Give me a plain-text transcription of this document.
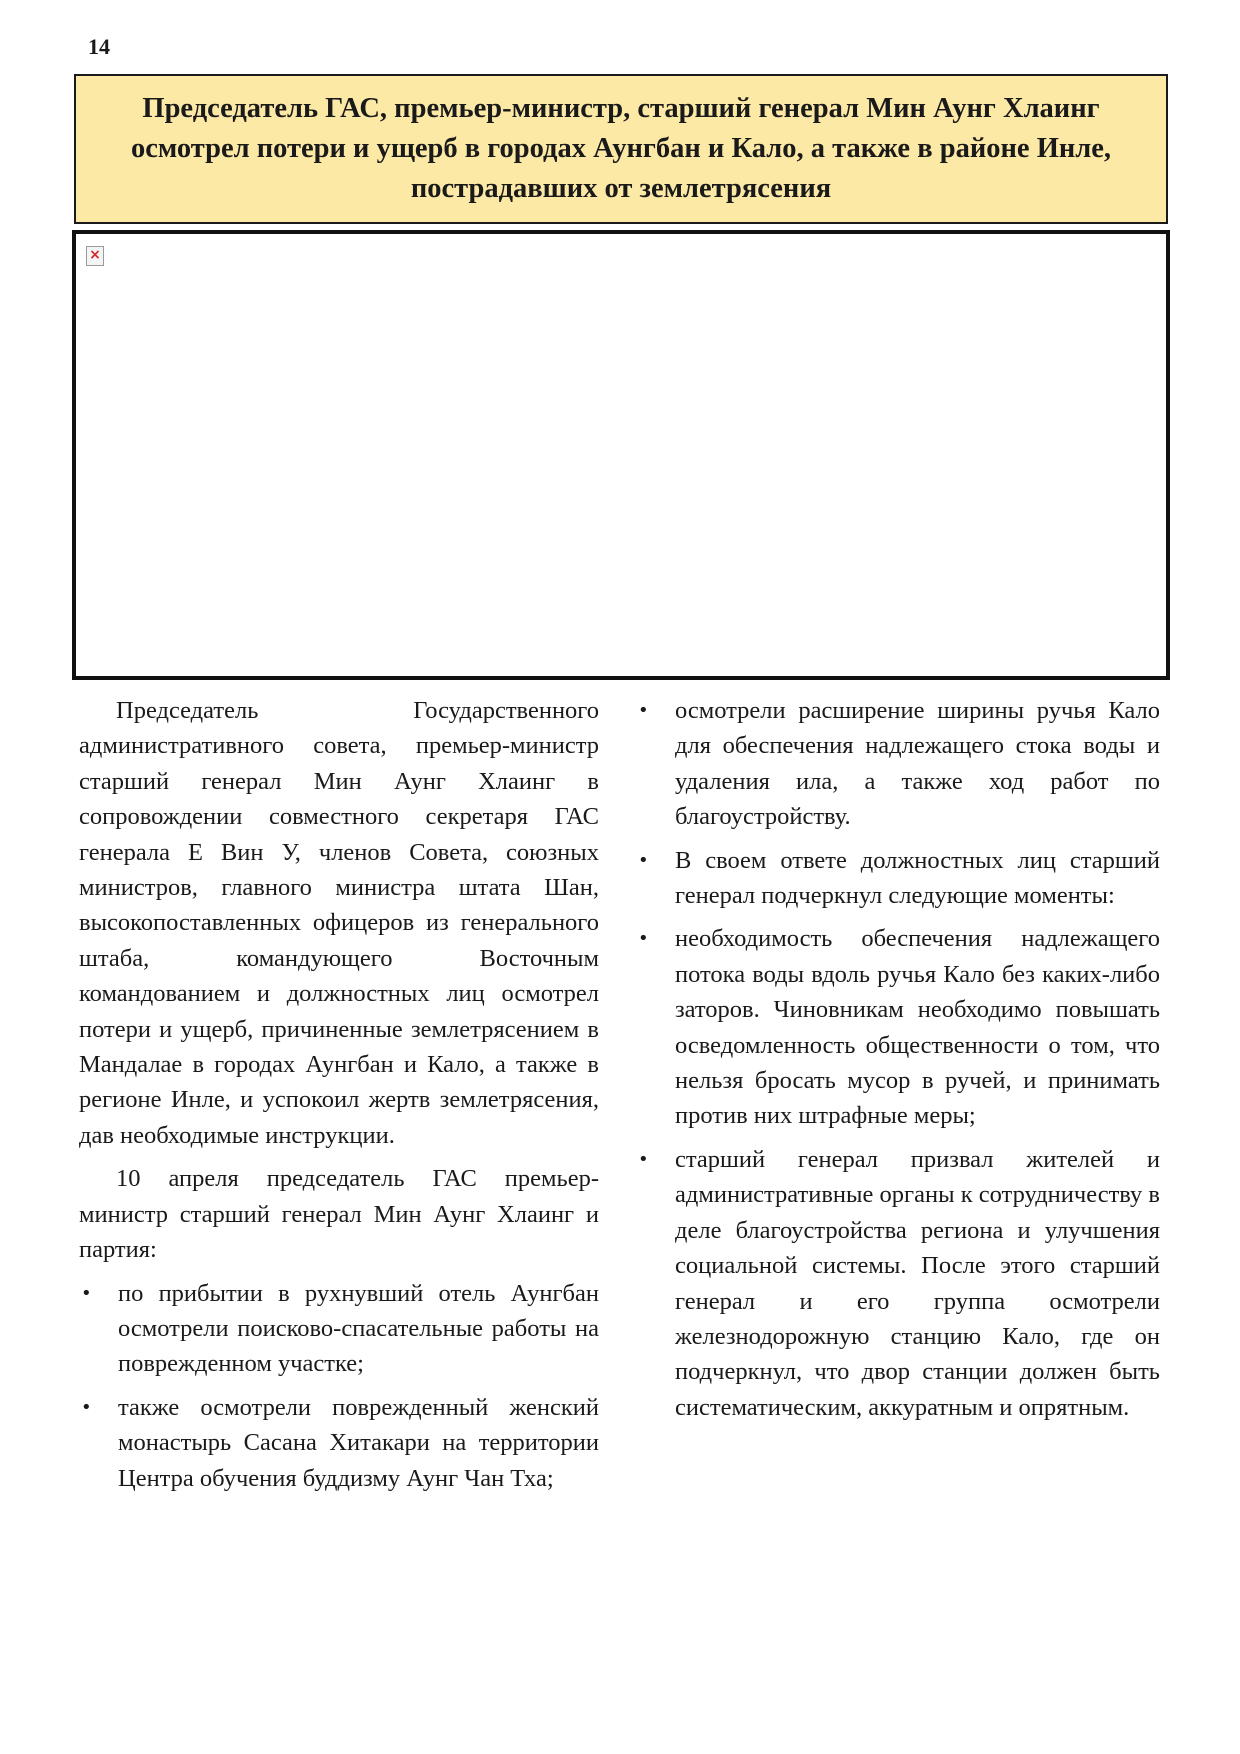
14
Председатель ГАС, премьер-министр, старший генерал Мин Аунг Хлаинг осмотрел потери и ущерб в городах Аунгбан и Кало, а также в районе Инле, пострадавших от землетрясения
×

Председатель Государственного административного совета, премьер-министр старший генерал Мин Аунг Хлаинг в сопровождении совместного секретаря ГАС генерала Е Вин У, членов Совета, союзных министров, главного министра штата Шан, высокопоставленных офицеров из генерального штаба, командующего Восточным командованием и должностных лиц осмотрел потери и ущерб, причиненные землетрясением в Мандалае в городах Аунгбан и Кало, а также в регионе Инле, и успокоил жертв землетрясения, дав необходимые инструкции.

10 апреля председатель ГАС премьер-министр старший генерал Мин Аунг Хлаинг и партия:

• по прибытии в рухнувший отель Аунгбан осмотрели поисково-спасательные работы на поврежденном участке;
• также осмотрели поврежденный женский монастырь Сасана Хитакари на территории Центра обучения буддизму Аунг Чан Тха;
• осмотрели расширение ширины ручья Кало для обеспечения надлежащего стока воды и удаления ила, а также ход работ по благоустройству.
• В своем ответе должностных лиц старший генерал подчеркнул следующие моменты:
• необходимость обеспечения надлежащего потока воды вдоль ручья Кало без каких-либо заторов. Чиновникам необходимо повышать осведомленность общественности о том, что нельзя бросать мусор в ручей, и принимать против них штрафные меры;
• старший генерал призвал жителей и административные органы к сотрудничеству в деле благоустройства региона и улучшения социальной системы. После этого старший генерал и его группа осмотрели железнодорожную станцию Кало, где он подчеркнул, что двор станции должен быть систематическим, аккуратным и опрятным.
